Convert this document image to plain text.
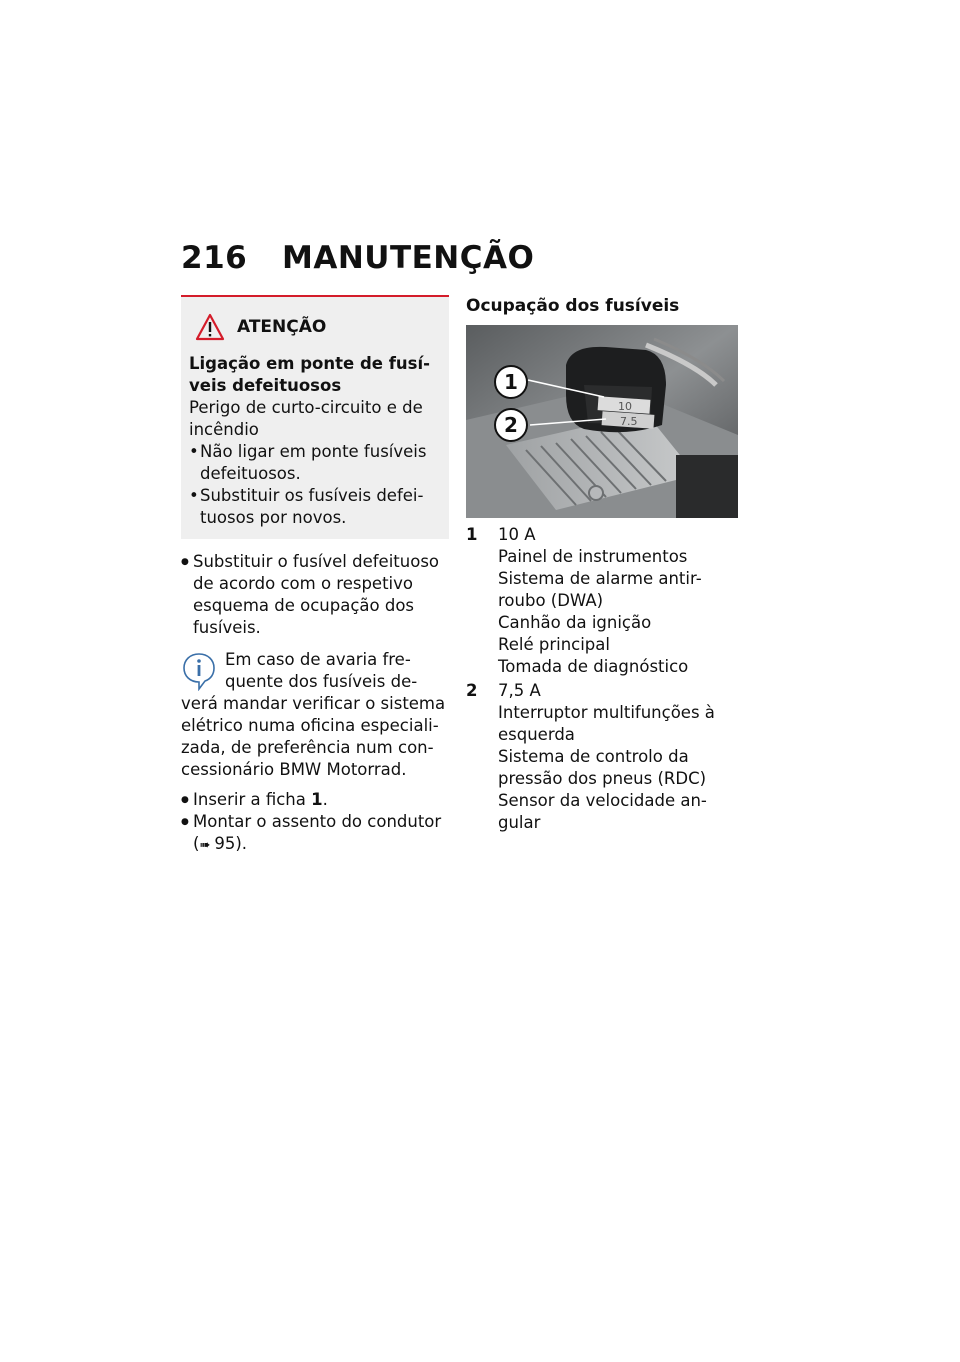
216 MANUTENÇÃO
ATENÇÃO
Ligação em ponte de fusí-
veis defeituosos
Perigo de curto-circuito e de incêndio
• Não ligar em ponte fusíveis defeituosos.
• Substituir os fusíveis defei-tuosos por novos.
● Substituir o fusível defeituoso de acordo com o respetivo esquema de ocupação dos fusíveis.
Em caso de avaria fre-quente dos fusíveis de-verá mandar verificar o sistema elétrico numa oficina especiali-zada, de preferência num con-cessionário BMW Motorrad.
● Inserir a ficha 1.
● Montar o assento do condutor
(➠ 95).
Ocupação dos fusíveis
10
7.5
1
2
1	10 A
Painel de instrumentos
Sistema de alarme antir-roubo (DWA)
Canhão da ignição
Relé principal
Tomada de diagnóstico
2	7,5 A
Interruptor multifunções à esquerda
Sistema de controlo da pressão dos pneus (RDC)
Sensor da velocidade an-gular
